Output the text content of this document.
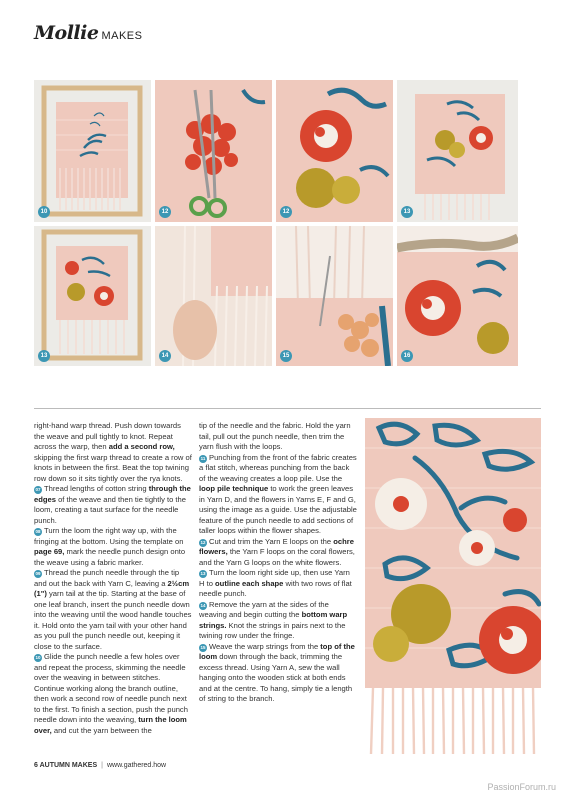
Mollie MAKES
10	12	12	13
13	14	15	16

right-hand warp thread. Push down towards the weave and pull tightly to knot. Repeat across the warp, then add a second row, skipping the first warp thread to create a row of knots in between the first. Beat the top twining row down so it sits tightly over the rya knots.

07 Thread lengths of cotton string through the edges of the weave and then tie tightly to the loom, creating a taut surface for the needle punch.

08 Turn the loom the right way up, with the fringing at the bottom. Using the template on page 69, mark the needle punch design onto the weave using a fabric marker.

09 Thread the punch needle through the tip and out the back with Yarn C, leaving a 2½cm (1") yarn tail at the tip. Starting at the base of one leaf branch, insert the punch needle down into the weaving until the wood handle touches it. Hold onto the yarn tail with your other hand as you pull the punch needle out, keeping it close to the surface.

10 Glide the punch needle a few holes over and repeat the process, skimming the needle over the weaving in between stitches. Continue working along the branch outline, then work a second row of needle punch next to the first. To finish a section, push the punch needle down into the weaving, turn the loom over, and cut the yarn between the

tip of the needle and the fabric. Hold the yarn tail, pull out the punch needle, then trim the yarn flush with the loops.

11 Punching from the front of the fabric creates a flat stitch, whereas punching from the back of the weaving creates a loop pile. Use the loop pile technique to work the green leaves in Yarn D, and the flowers in Yarns E, F and G, using the image as a guide. Use the adjustable feature of the punch needle to add sections of taller loops within the flower shapes.

12 Cut and trim the Yarn E loops on the ochre flowers, the Yarn F loops on the coral flowers, and the Yarn G loops on the white flowers.

13 Turn the loom right side up, then use Yarn H to outline each shape with two rows of flat needle punch.

14 Remove the yarn at the sides of the weaving and begin cutting the bottom warp strings. Knot the strings in pairs next to the twining row under the fringe.

15 Weave the warp strings from the top of the loom down through the back, trimming the excess thread. Using Yarn A, sew the wall hanging onto the wooden stick at both ends and at the centre. To hang, simply tie a length of string to the branch.

6 AUTUMN MAKES | www.gathered.how
PassionForum.ru
